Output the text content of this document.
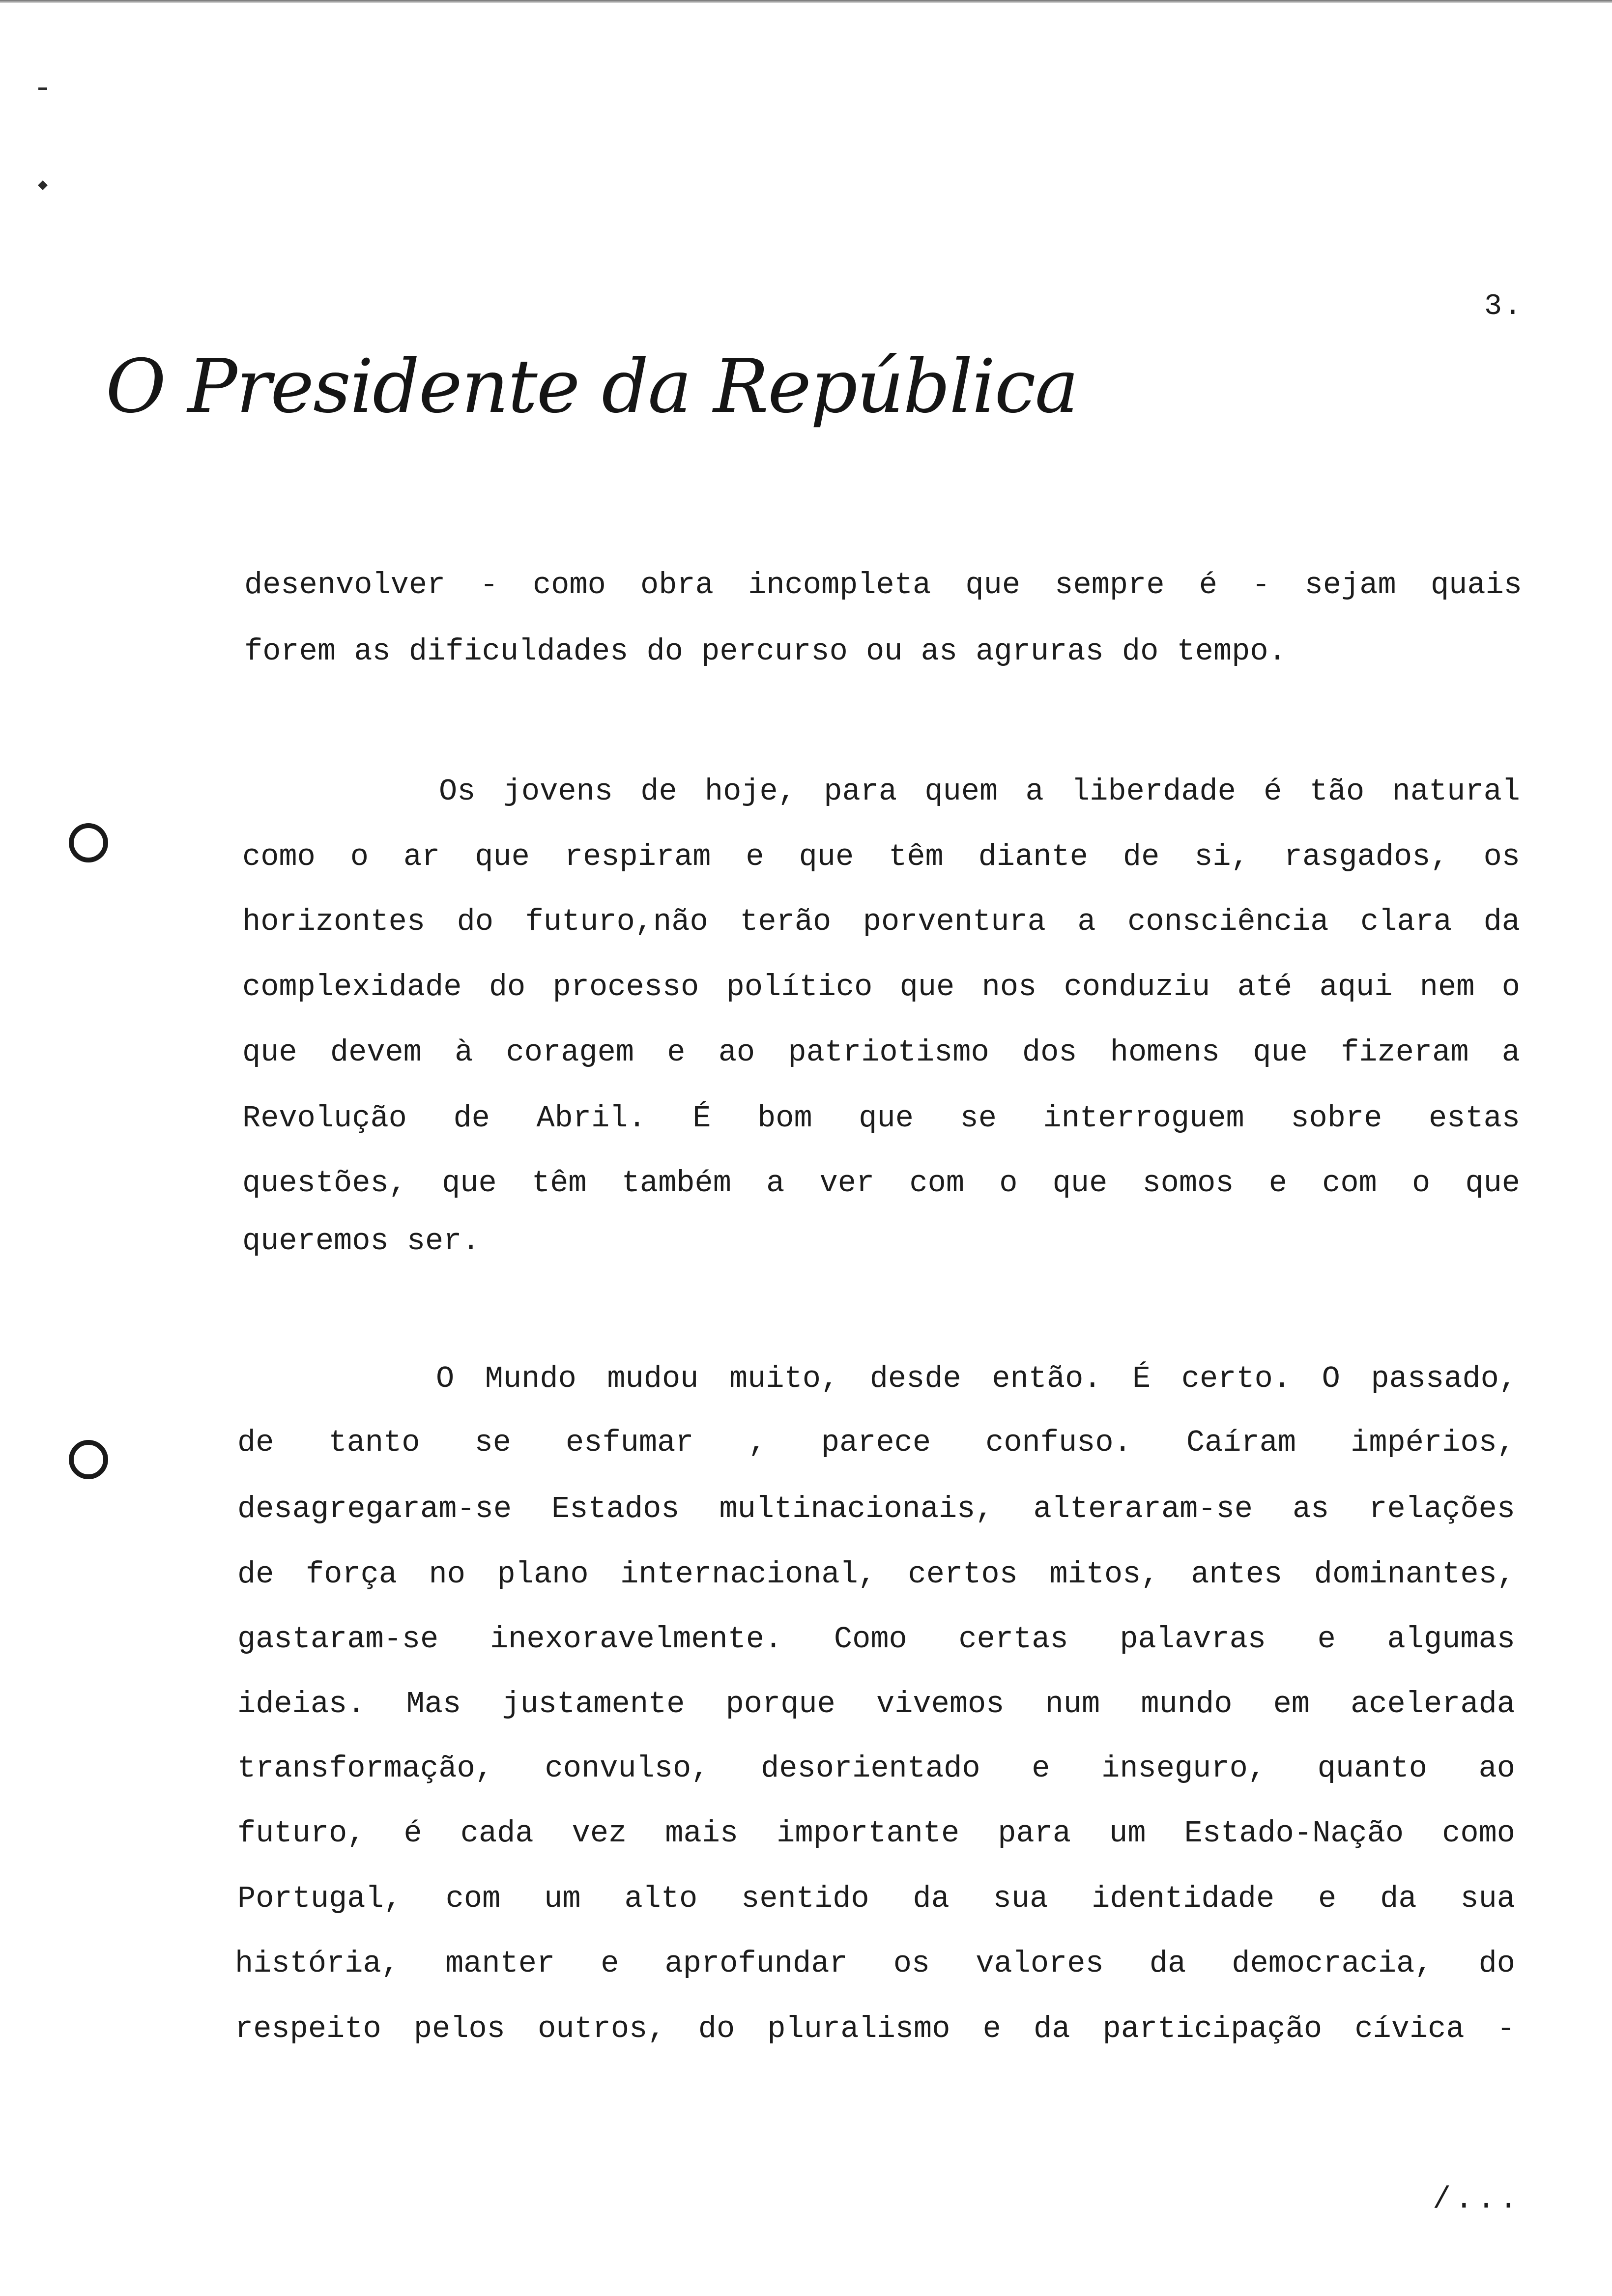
3.
O Presidente da República
desenvolver - como obra incompleta que sempre é - sejam quais
forem as dificuldades do percurso ou as agruras do tempo.
Os jovens de hoje, para quem a liberdade é tão natural
como o ar que respiram e que têm diante de si, rasgados, os
horizontes do futuro,não terão porventura a consciência clara da
complexidade do processo político que nos conduziu até aqui nem o
que devem à coragem e ao patriotismo dos homens que fizeram a
Revolução de Abril. É bom que se interroguem sobre estas
questões, que têm também a ver com o que somos e com o que
queremos ser.
O Mundo mudou muito, desde então. É certo. O passado,
de tanto se esfumar , parece confuso. Caíram impérios,
desagregaram-se Estados multinacionais, alteraram-se as relações
de força no plano internacional, certos mitos, antes dominantes,
gastaram-se inexoravelmente. Como certas palavras e algumas
ideias. Mas justamente porque vivemos num mundo em acelerada
transformação, convulso, desorientado e inseguro, quanto ao
futuro, é cada vez mais importante para um Estado-Nação como
Portugal, com um alto sentido da sua identidade e da sua
história, manter e aprofundar os valores da democracia, do
respeito pelos outros, do pluralismo e da participação cívica -
/...
